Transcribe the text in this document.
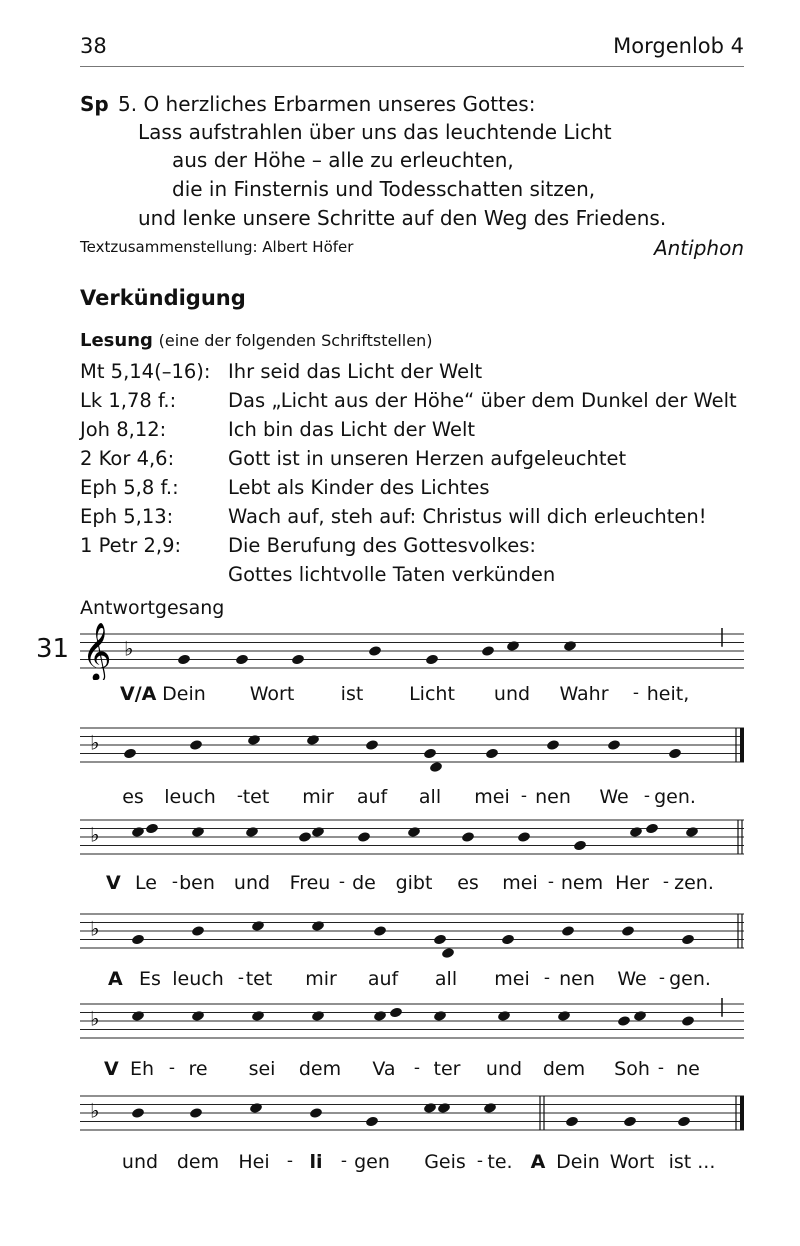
38	Morgenlob 4
Sp 5. O herzliches Erbarmen unseres Gottes:
Lass aufstrahlen über uns das leuchtende Licht
aus der Höhe – alle zu erleuchten,
die in Finsternis und Todesschatten sitzen,
und lenke unsere Schritte auf den Weg des Friedens.
Textzusammenstellung: Albert Höfer	Antiphon
Verkündigung
Lesung (eine der folgenden Schriftstellen)
Mt 5,14(–16): Ihr seid das Licht der Welt
Lk 1,78 f.:	Das „Licht aus der Höhe“ über dem Dunkel der Welt
Joh 8,12:	Ich bin das Licht der Welt
2 Kor 4,6:	Gott ist in unseren Herzen aufgeleuchtet
Eph 5,8 f.:	Lebt als Kinder des Lichtes
Eph 5,13:	Wach auf, steh auf: Christus will dich erleuchten!
1 Petr 2,9: Die Berufung des Gottesvolkes:
Gottes lichtvolle Taten verkünden
Antwortgesang
31 𝄞 ♭
♭
♭
♭
♭
♭
V/A Dein Wort ist Licht und Wahr - heit,
es leuch - tet mir auf all mei - nen We - gen.
V Le - ben und Freu - de gibt es mei - nem Her - zen.
A Es leuch - tet mir auf all mei - nen We - gen.
V Eh - re sei dem Va - ter und dem Soh - ne
und dem Hei - li - gen Geis - te. A Dein Wort ist ...
